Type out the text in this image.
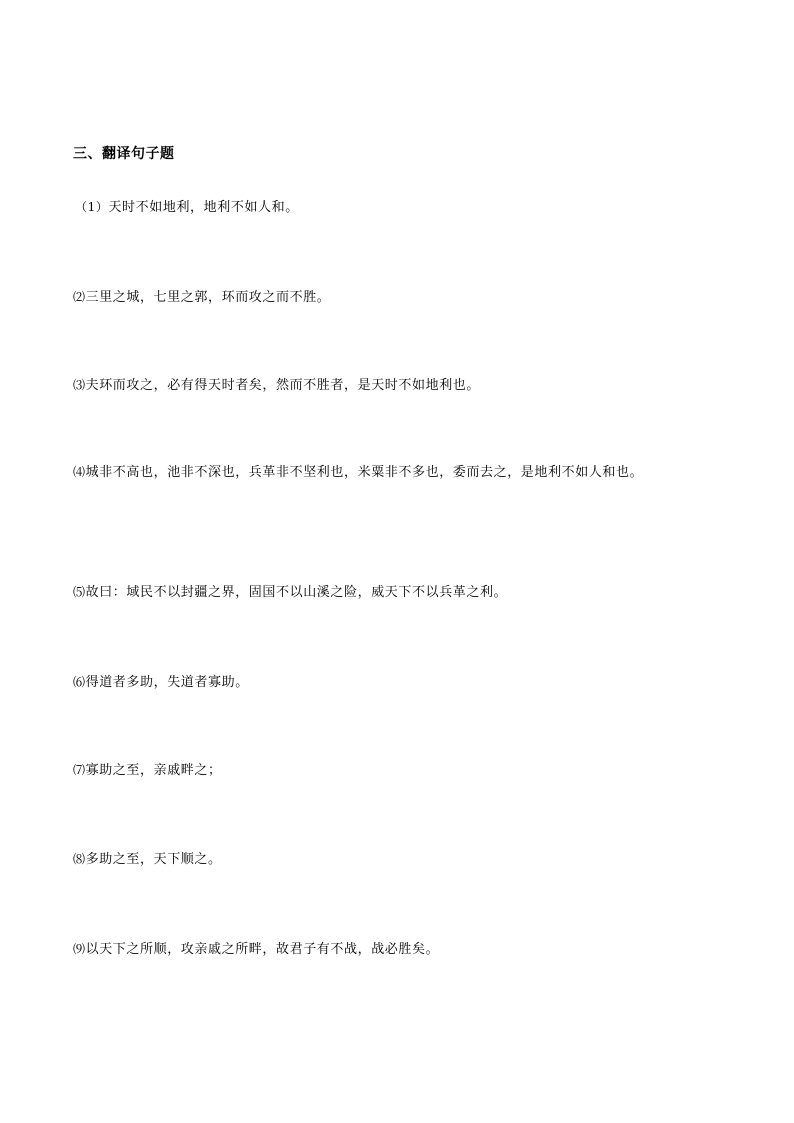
三、翻译句子题
（1）天时不如地利，地利不如人和。
⑵三里之城，七里之郭，环而攻之而不胜。
⑶夫环而攻之，必有得天时者矣，然而不胜者，是天时不如地利也。
⑷城非不高也，池非不深也，兵革非不坚利也，米粟非不多也，委而去之，是地利不如人和也。
⑸故曰：域民不以封疆之界，固国不以山溪之险，威天下不以兵革之利。
⑹得道者多助，失道者寡助。
⑺寡助之至，亲戚畔之；
⑻多助之至，天下顺之。
⑼以天下之所顺，攻亲戚之所畔，故君子有不战，战必胜矣。
